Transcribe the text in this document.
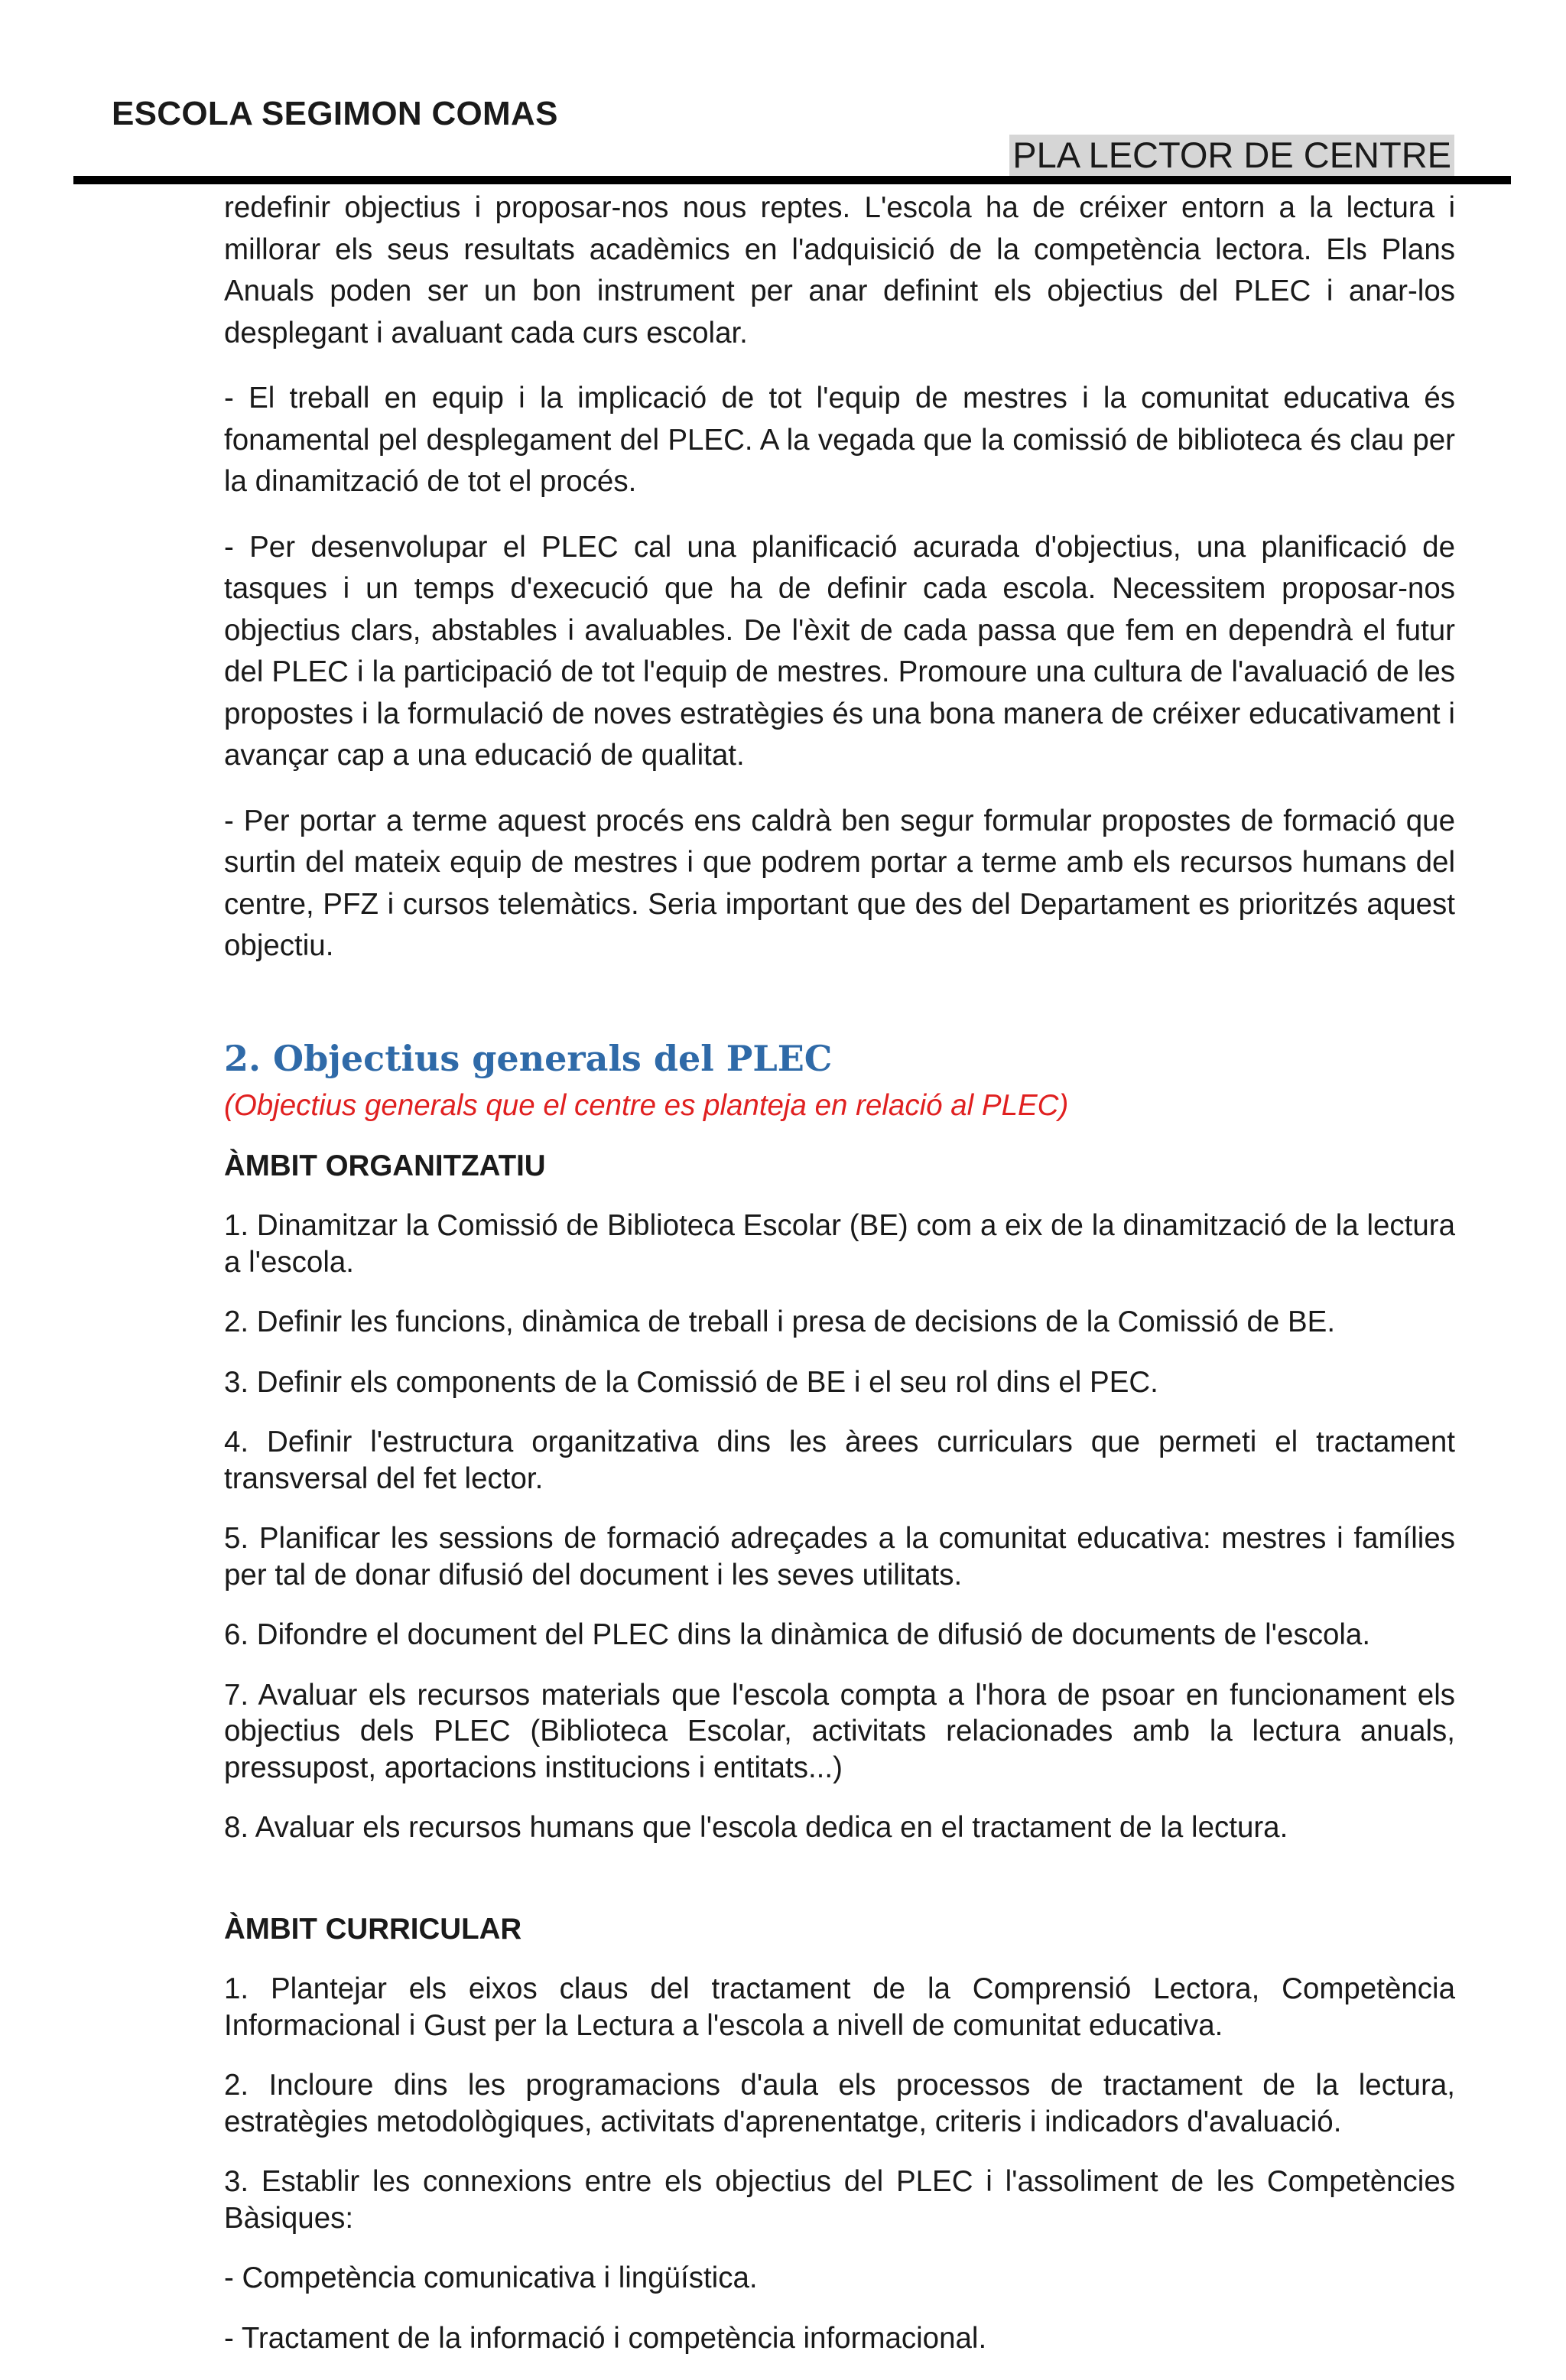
ESCOLA SEGIMON COMAS
PLA LECTOR DE CENTRE

redefinir objectius i proposar-nos nous reptes. L'escola ha de créixer entorn a la lectura i millorar els seus resultats acadèmics en l'adquisició de la competència lectora. Els Plans Anuals poden ser un bon instrument per anar definint els objectius del PLEC i anar-los desplegant i avaluant cada curs escolar.

- El treball en equip i la implicació de tot l'equip de mestres i la comunitat educativa és fonamental pel desplegament del PLEC. A la vegada que la comissió de biblioteca és clau per la dinamització de tot el procés.

- Per desenvolupar el PLEC cal una planificació acurada d'objectius, una planificació de tasques i un temps d'execució que ha de definir cada escola. Necessitem proposar-nos objectius clars, abstables i avaluables. De l'èxit de cada passa que fem en dependrà el futur del PLEC i la participació de tot l'equip de mestres. Promoure una cultura de l'avaluació de les propostes i la formulació de noves estratègies és una bona manera de créixer educativament i avançar cap a una educació de qualitat.

- Per portar a terme aquest procés ens caldrà ben segur formular propostes de formació que surtin del mateix equip de mestres i que podrem portar a terme amb els recursos humans del centre, PFZ i cursos telemàtics. Seria important que des del Departament es prioritzés aquest objectiu.

2. Objectius generals del PLEC

(Objectius generals que el centre es planteja en relació al PLEC)

ÀMBIT ORGANITZATIU

1. Dinamitzar la Comissió de Biblioteca Escolar (BE) com a eix de la dinamització de la lectura a l'escola.

2. Definir les funcions, dinàmica de treball i presa de decisions de la Comissió de BE.

3. Definir els components de la Comissió de BE i el seu rol dins el PEC.

4. Definir l'estructura organitzativa dins les àrees curriculars que permeti el tractament transversal del fet lector.

5. Planificar les sessions de formació adreçades a la comunitat educativa: mestres i famílies per tal de donar difusió del document i les seves utilitats.

6. Difondre el document del PLEC dins la dinàmica de difusió de documents de l'escola.

7. Avaluar els recursos materials que l'escola compta a l'hora de psoar en funcionament els objectius dels PLEC (Biblioteca Escolar, activitats relacionades amb la lectura anuals, pressupost, aportacions institucions i entitats...)

8. Avaluar els recursos humans que l'escola dedica en el tractament de la lectura.

ÀMBIT CURRICULAR

1. Plantejar els eixos claus del tractament de la Comprensió Lectora, Competència Informacional i Gust per la Lectura a l'escola a nivell de comunitat educativa.

2. Incloure dins les programacions d'aula els processos de tractament de la lectura, estratègies metodològiques, activitats d'aprenentatge, criteris i indicadors d'avaluació.

3. Establir les connexions entre els objectius del PLEC i l'assoliment de les Competències Bàsiques:

- Competència comunicativa i lingüística.

- Tractament de la informació i competència informacional.
